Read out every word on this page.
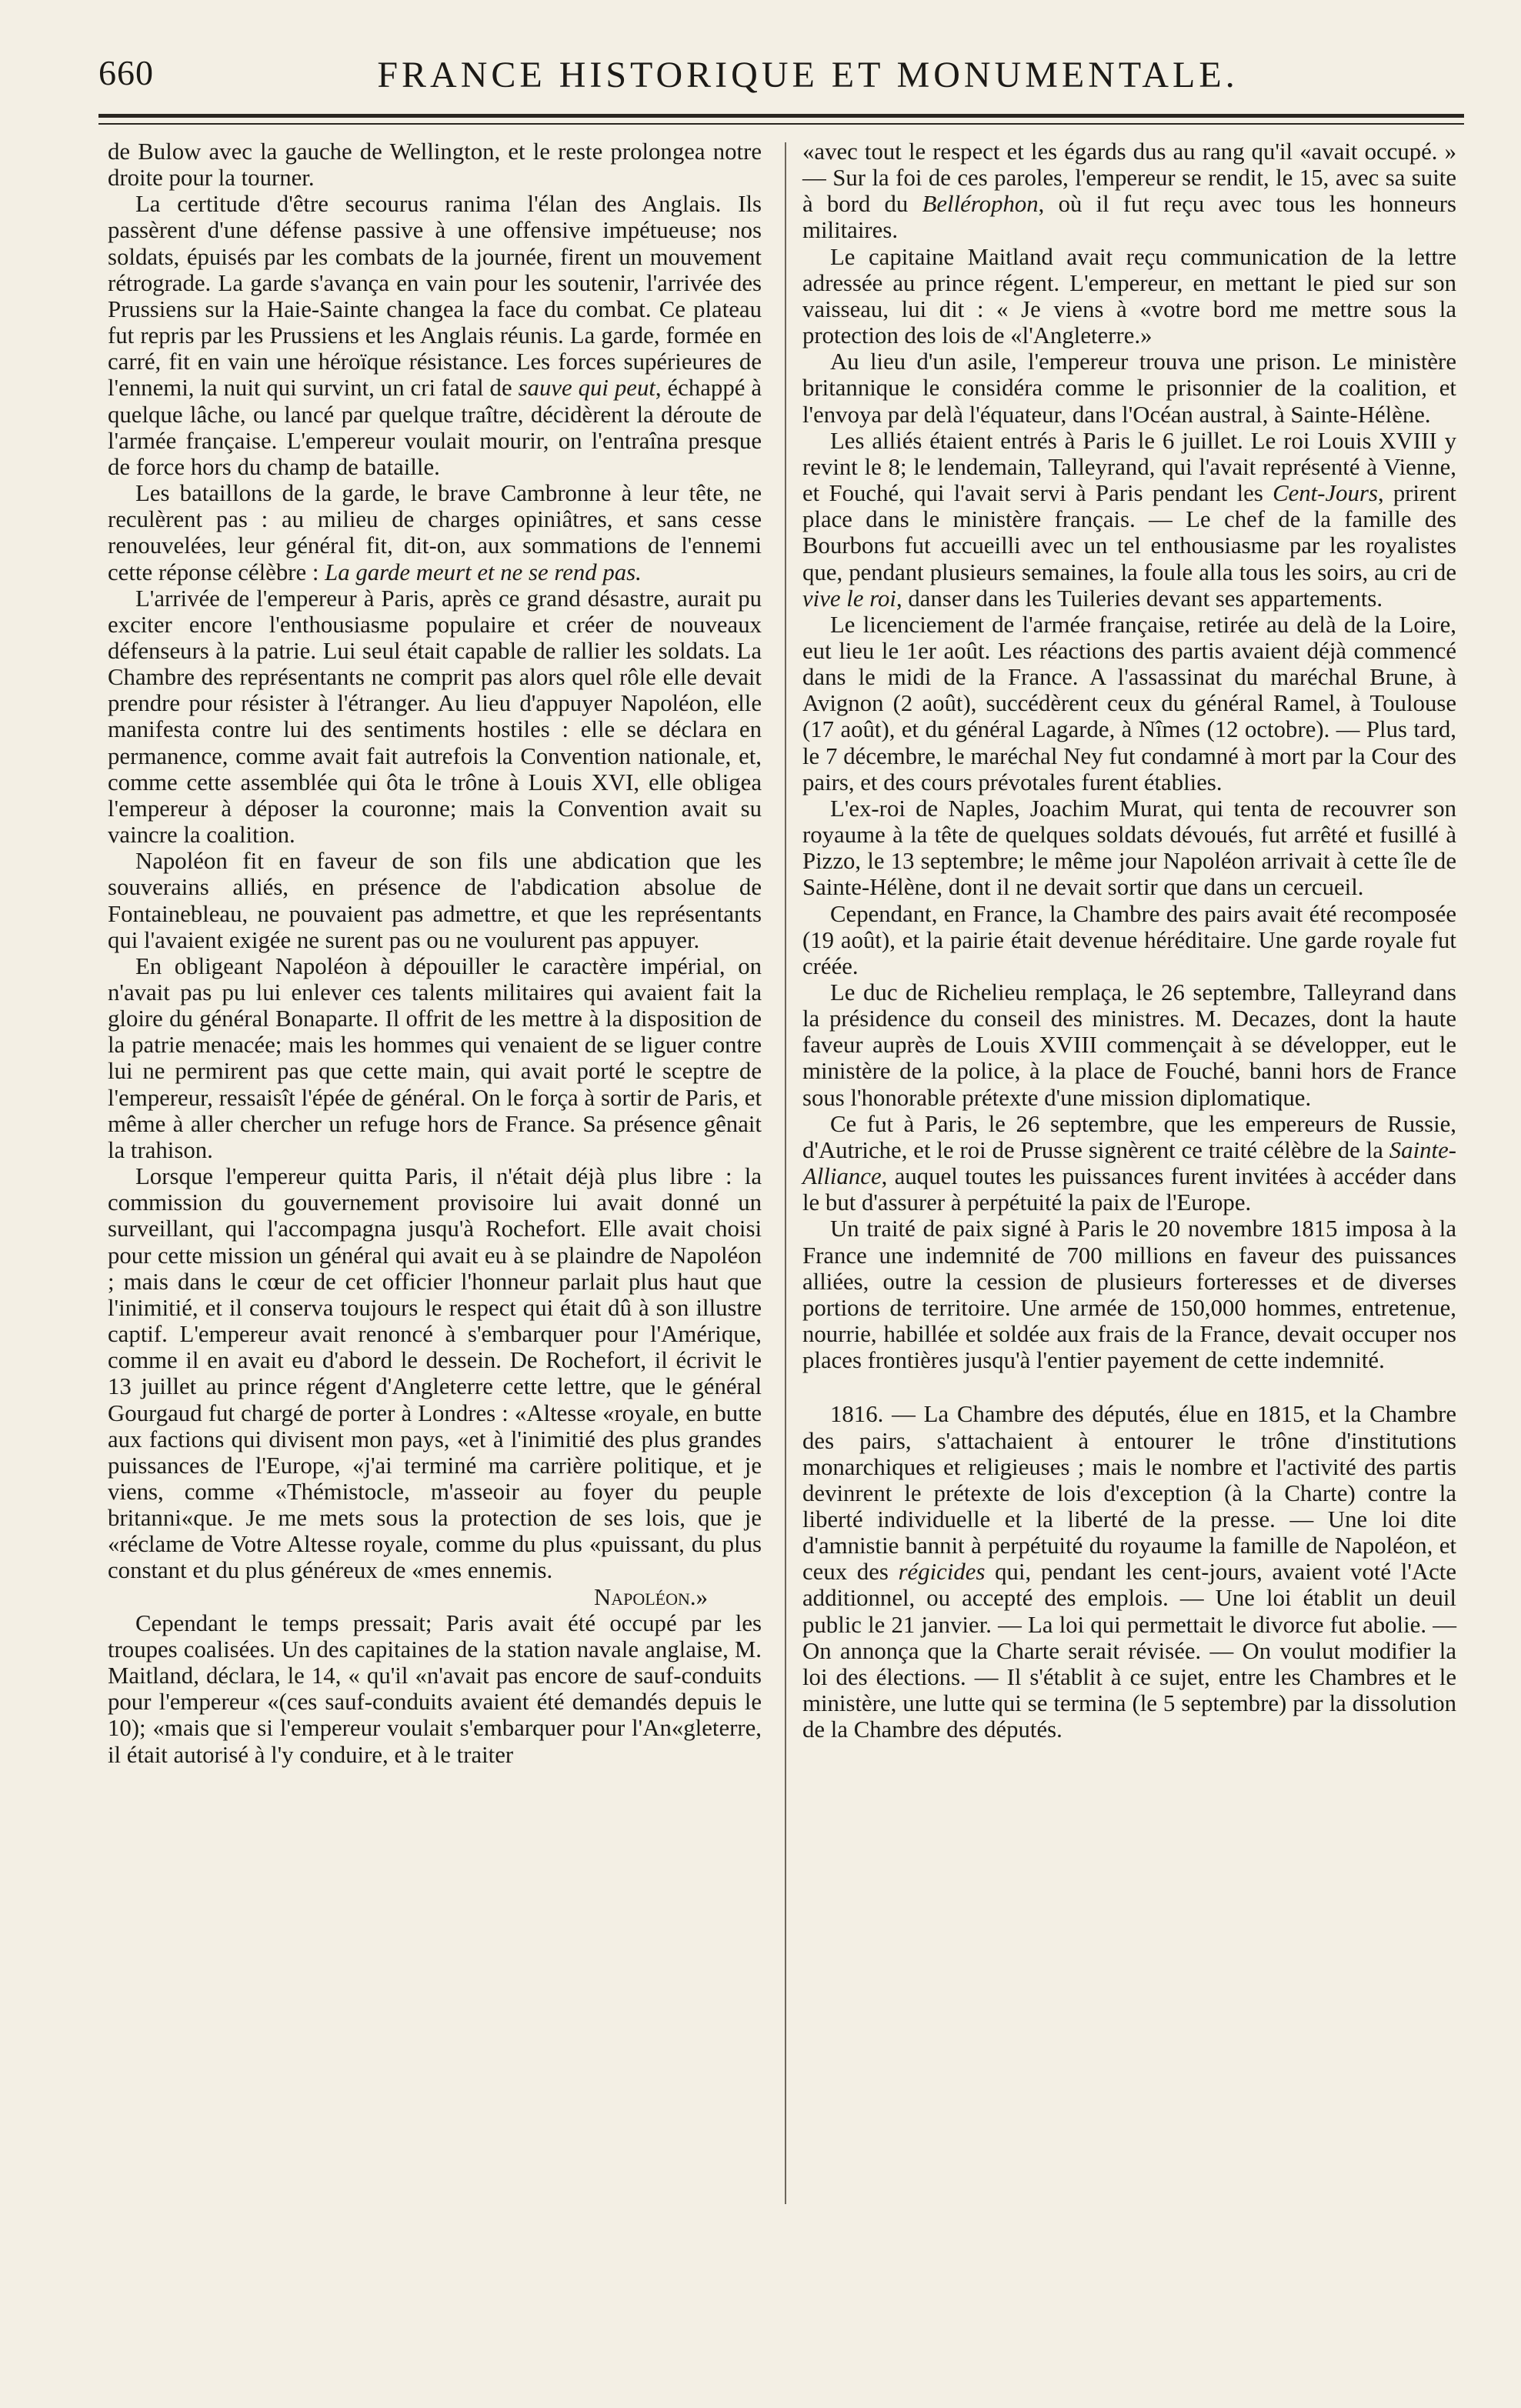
660	FRANCE HISTORIQUE ET MONUMENTALE.

de Bulow avec la gauche de Wellington, et le reste prolongea notre droite pour la tourner.

La certitude d'être secourus ranima l'élan des Anglais. Ils passèrent d'une défense passive à une offensive impétueuse; nos soldats, épuisés par les combats de la journée, firent un mouvement rétrograde. La garde s'avança en vain pour les soutenir, l'arrivée des Prussiens sur la Haie-Sainte changea la face du combat. Ce plateau fut repris par les Prussiens et les Anglais réunis. La garde, formée en carré, fit en vain une héroïque résistance. Les forces supérieures de l'ennemi, la nuit qui survint, un cri fatal de sauve qui peut, échappé à quelque lâche, ou lancé par quelque traître, décidèrent la déroute de l'armée française. L'empereur voulait mourir, on l'entraîna presque de force hors du champ de bataille.

Les bataillons de la garde, le brave Cambronne à leur tête, ne reculèrent pas : au milieu de charges opiniâtres, et sans cesse renouvelées, leur général fit, dit-on, aux sommations de l'ennemi cette réponse célèbre : La garde meurt et ne se rend pas.

L'arrivée de l'empereur à Paris, après ce grand désastre, aurait pu exciter encore l'enthousiasme populaire et créer de nouveaux défenseurs à la patrie. Lui seul était capable de rallier les soldats. La Chambre des représentants ne comprit pas alors quel rôle elle devait prendre pour résister à l'étranger. Au lieu d'appuyer Napoléon, elle manifesta contre lui des sentiments hostiles : elle se déclara en permanence, comme avait fait autrefois la Convention nationale, et, comme cette assemblée qui ôta le trône à Louis XVI, elle obligea l'empereur à déposer la couronne; mais la Convention avait su vaincre la coalition.

Napoléon fit en faveur de son fils une abdication que les souverains alliés, en présence de l'abdication absolue de Fontainebleau, ne pouvaient pas admettre, et que les représentants qui l'avaient exigée ne surent pas ou ne voulurent pas appuyer.

En obligeant Napoléon à dépouiller le caractère impérial, on n'avait pas pu lui enlever ces talents militaires qui avaient fait la gloire du général Bonaparte. Il offrit de les mettre à la disposition de la patrie menacée; mais les hommes qui venaient de se liguer contre lui ne permirent pas que cette main, qui avait porté le sceptre de l'empereur, ressaisît l'épée de général. On le força à sortir de Paris, et même à aller chercher un refuge hors de France. Sa présence gênait la trahison.

Lorsque l'empereur quitta Paris, il n'était déjà plus libre : la commission du gouvernement provisoire lui avait donné un surveillant, qui l'accompagna jusqu'à Rochefort. Elle avait choisi pour cette mission un général qui avait eu à se plaindre de Napoléon ; mais dans le cœur de cet officier l'honneur parlait plus haut que l'inimitié, et il conserva toujours le respect qui était dû à son illustre captif. L'empereur avait renoncé à s'embarquer pour l'Amérique, comme il en avait eu d'abord le dessein. De Rochefort, il écrivit le 13 juillet au prince régent d'Angleterre cette lettre, que le général Gourgaud fut chargé de porter à Londres : «Altesse «royale, en butte aux factions qui divisent mon pays, «et à l'inimitié des plus grandes puissances de l'Europe, «j'ai terminé ma carrière politique, et je viens, comme «Thémistocle, m'asseoir au foyer du peuple britanni«que. Je me mets sous la protection de ses lois, que je «réclame de Votre Altesse royale, comme du plus «puissant, du plus constant et du plus généreux de «mes ennemis.
Napoléon.»

Cependant le temps pressait; Paris avait été occupé par les troupes coalisées. Un des capitaines de la station navale anglaise, M. Maitland, déclara, le 14, « qu'il «n'avait pas encore de sauf-conduits pour l'empereur «(ces sauf-conduits avaient été demandés depuis le 10); «mais que si l'empereur voulait s'embarquer pour l'An«gleterre, il était autorisé à l'y conduire, et à le traiter

«avec tout le respect et les égards dus au rang qu'il «avait occupé. » — Sur la foi de ces paroles, l'empereur se rendit, le 15, avec sa suite à bord du Bellérophon, où il fut reçu avec tous les honneurs militaires.

Le capitaine Maitland avait reçu communication de la lettre adressée au prince régent. L'empereur, en mettant le pied sur son vaisseau, lui dit : « Je viens à «votre bord me mettre sous la protection des lois de «l'Angleterre.»

Au lieu d'un asile, l'empereur trouva une prison. Le ministère britannique le considéra comme le prisonnier de la coalition, et l'envoya par delà l'équateur, dans l'Océan austral, à Sainte-Hélène.

Les alliés étaient entrés à Paris le 6 juillet. Le roi Louis XVIII y revint le 8; le lendemain, Talleyrand, qui l'avait représenté à Vienne, et Fouché, qui l'avait servi à Paris pendant les Cent-Jours, prirent place dans le ministère français. — Le chef de la famille des Bourbons fut accueilli avec un tel enthousiasme par les royalistes que, pendant plusieurs semaines, la foule alla tous les soirs, au cri de vive le roi, danser dans les Tuileries devant ses appartements.

Le licenciement de l'armée française, retirée au delà de la Loire, eut lieu le 1er août. Les réactions des partis avaient déjà commencé dans le midi de la France. A l'assassinat du maréchal Brune, à Avignon (2 août), succédèrent ceux du général Ramel, à Toulouse (17 août), et du général Lagarde, à Nîmes (12 octobre). — Plus tard, le 7 décembre, le maréchal Ney fut condamné à mort par la Cour des pairs, et des cours prévotales furent établies.

L'ex-roi de Naples, Joachim Murat, qui tenta de recouvrer son royaume à la tête de quelques soldats dévoués, fut arrêté et fusillé à Pizzo, le 13 septembre; le même jour Napoléon arrivait à cette île de Sainte-Hélène, dont il ne devait sortir que dans un cercueil.

Cependant, en France, la Chambre des pairs avait été recomposée (19 août), et la pairie était devenue héréditaire. Une garde royale fut créée.

Le duc de Richelieu remplaça, le 26 septembre, Talleyrand dans la présidence du conseil des ministres. M. Decazes, dont la haute faveur auprès de Louis XVIII commençait à se développer, eut le ministère de la police, à la place de Fouché, banni hors de France sous l'honorable prétexte d'une mission diplomatique.

Ce fut à Paris, le 26 septembre, que les empereurs de Russie, d'Autriche, et le roi de Prusse signèrent ce traité célèbre de la Sainte-Alliance, auquel toutes les puissances furent invitées à accéder dans le but d'assurer à perpétuité la paix de l'Europe.

Un traité de paix signé à Paris le 20 novembre 1815 imposa à la France une indemnité de 700 millions en faveur des puissances alliées, outre la cession de plusieurs forteresses et de diverses portions de territoire. Une armée de 150,000 hommes, entretenue, nourrie, habillée et soldée aux frais de la France, devait occuper nos places frontières jusqu'à l'entier payement de cette indemnité.

1816. — La Chambre des députés, élue en 1815, et la Chambre des pairs, s'attachaient à entourer le trône d'institutions monarchiques et religieuses ; mais le nombre et l'activité des partis devinrent le prétexte de lois d'exception (à la Charte) contre la liberté individuelle et la liberté de la presse. — Une loi dite d'amnistie bannit à perpétuité du royaume la famille de Napoléon, et ceux des régicides qui, pendant les cent-jours, avaient voté l'Acte additionnel, ou accepté des emplois. — Une loi établit un deuil public le 21 janvier. — La loi qui permettait le divorce fut abolie. — On annonça que la Charte serait révisée. — On voulut modifier la loi des élections. — Il s'établit à ce sujet, entre les Chambres et le ministère, une lutte qui se termina (le 5 septembre) par la dissolution de la Chambre des députés.
